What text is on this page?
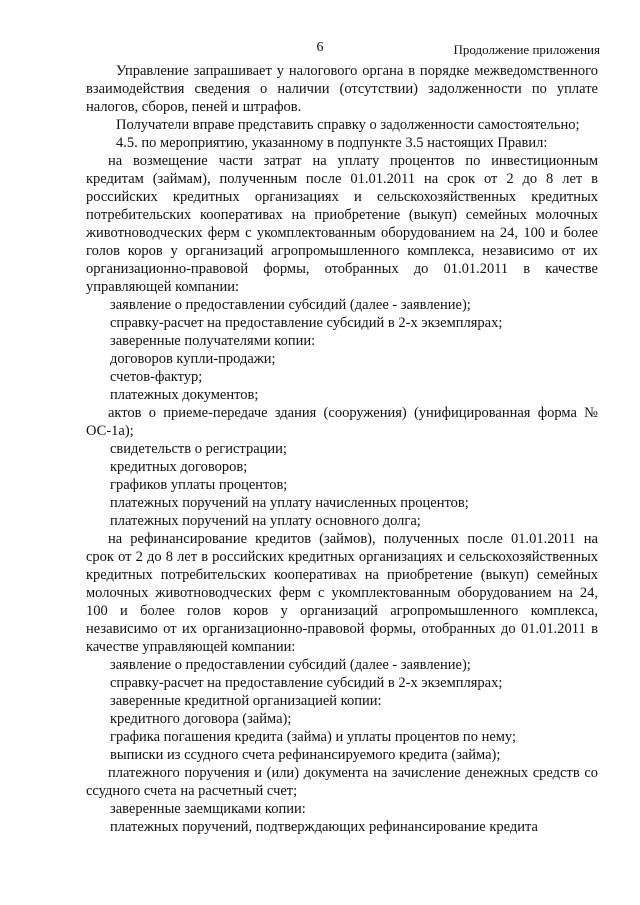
6	Продолжение приложения

Управление запрашивает у налогового органа в порядке межведомственного взаимодействия сведения о наличии (отсутствии) задолженности по уплате налогов, сборов, пеней и штрафов.

Получатели вправе представить справку о задолженности самостоятельно;

4.5. по мероприятию, указанному в подпункте 3.5 настоящих Правил:

на возмещение части затрат на уплату процентов по инвестиционным кредитам (займам), полученным после 01.01.2011 на срок от 2 до 8 лет в российских кредитных организациях и сельскохозяйственных кредитных потребительских кооперативах на приобретение (выкуп) семейных молочных животноводческих ферм с укомплектованным оборудованием на 24, 100 и более голов коров у организаций агропромышленного комплекса, независимо от их организационно-правовой формы, отобранных до 01.01.2011 в качестве управляющей компании:

заявление о предоставлении субсидий (далее - заявление);

справку-расчет на предоставление субсидий в 2-х экземплярах;

заверенные получателями копии:

договоров купли-продажи;

счетов-фактур;

платежных документов;

актов о приеме-передаче здания (сооружения) (унифицированная форма № ОС-1а);

свидетельств о регистрации;

кредитных договоров;

графиков уплаты процентов;

платежных поручений на уплату начисленных процентов;

платежных поручений на уплату основного долга;

на рефинансирование кредитов (займов), полученных после 01.01.2011 на срок от 2 до 8 лет в российских кредитных организациях и сельскохозяйственных кредитных потребительских кооперативах на приобретение (выкуп) семейных молочных животноводческих ферм с укомплектованным оборудованием на 24, 100 и более голов коров у организаций агропромышленного комплекса, независимо от их организационно-правовой формы, отобранных до 01.01.2011 в качестве управляющей компании:

заявление о предоставлении субсидий (далее - заявление);

справку-расчет на предоставление субсидий в 2-х экземплярах;

заверенные кредитной организацией копии:

кредитного договора (займа);

графика погашения кредита (займа) и уплаты процентов по нему;

выписки из ссудного счета рефинансируемого кредита (займа);

платежного поручения и (или) документа на зачисление денежных средств со ссудного счета на расчетный счет;

заверенные заемщиками копии:

платежных поручений, подтверждающих рефинансирование кредита
